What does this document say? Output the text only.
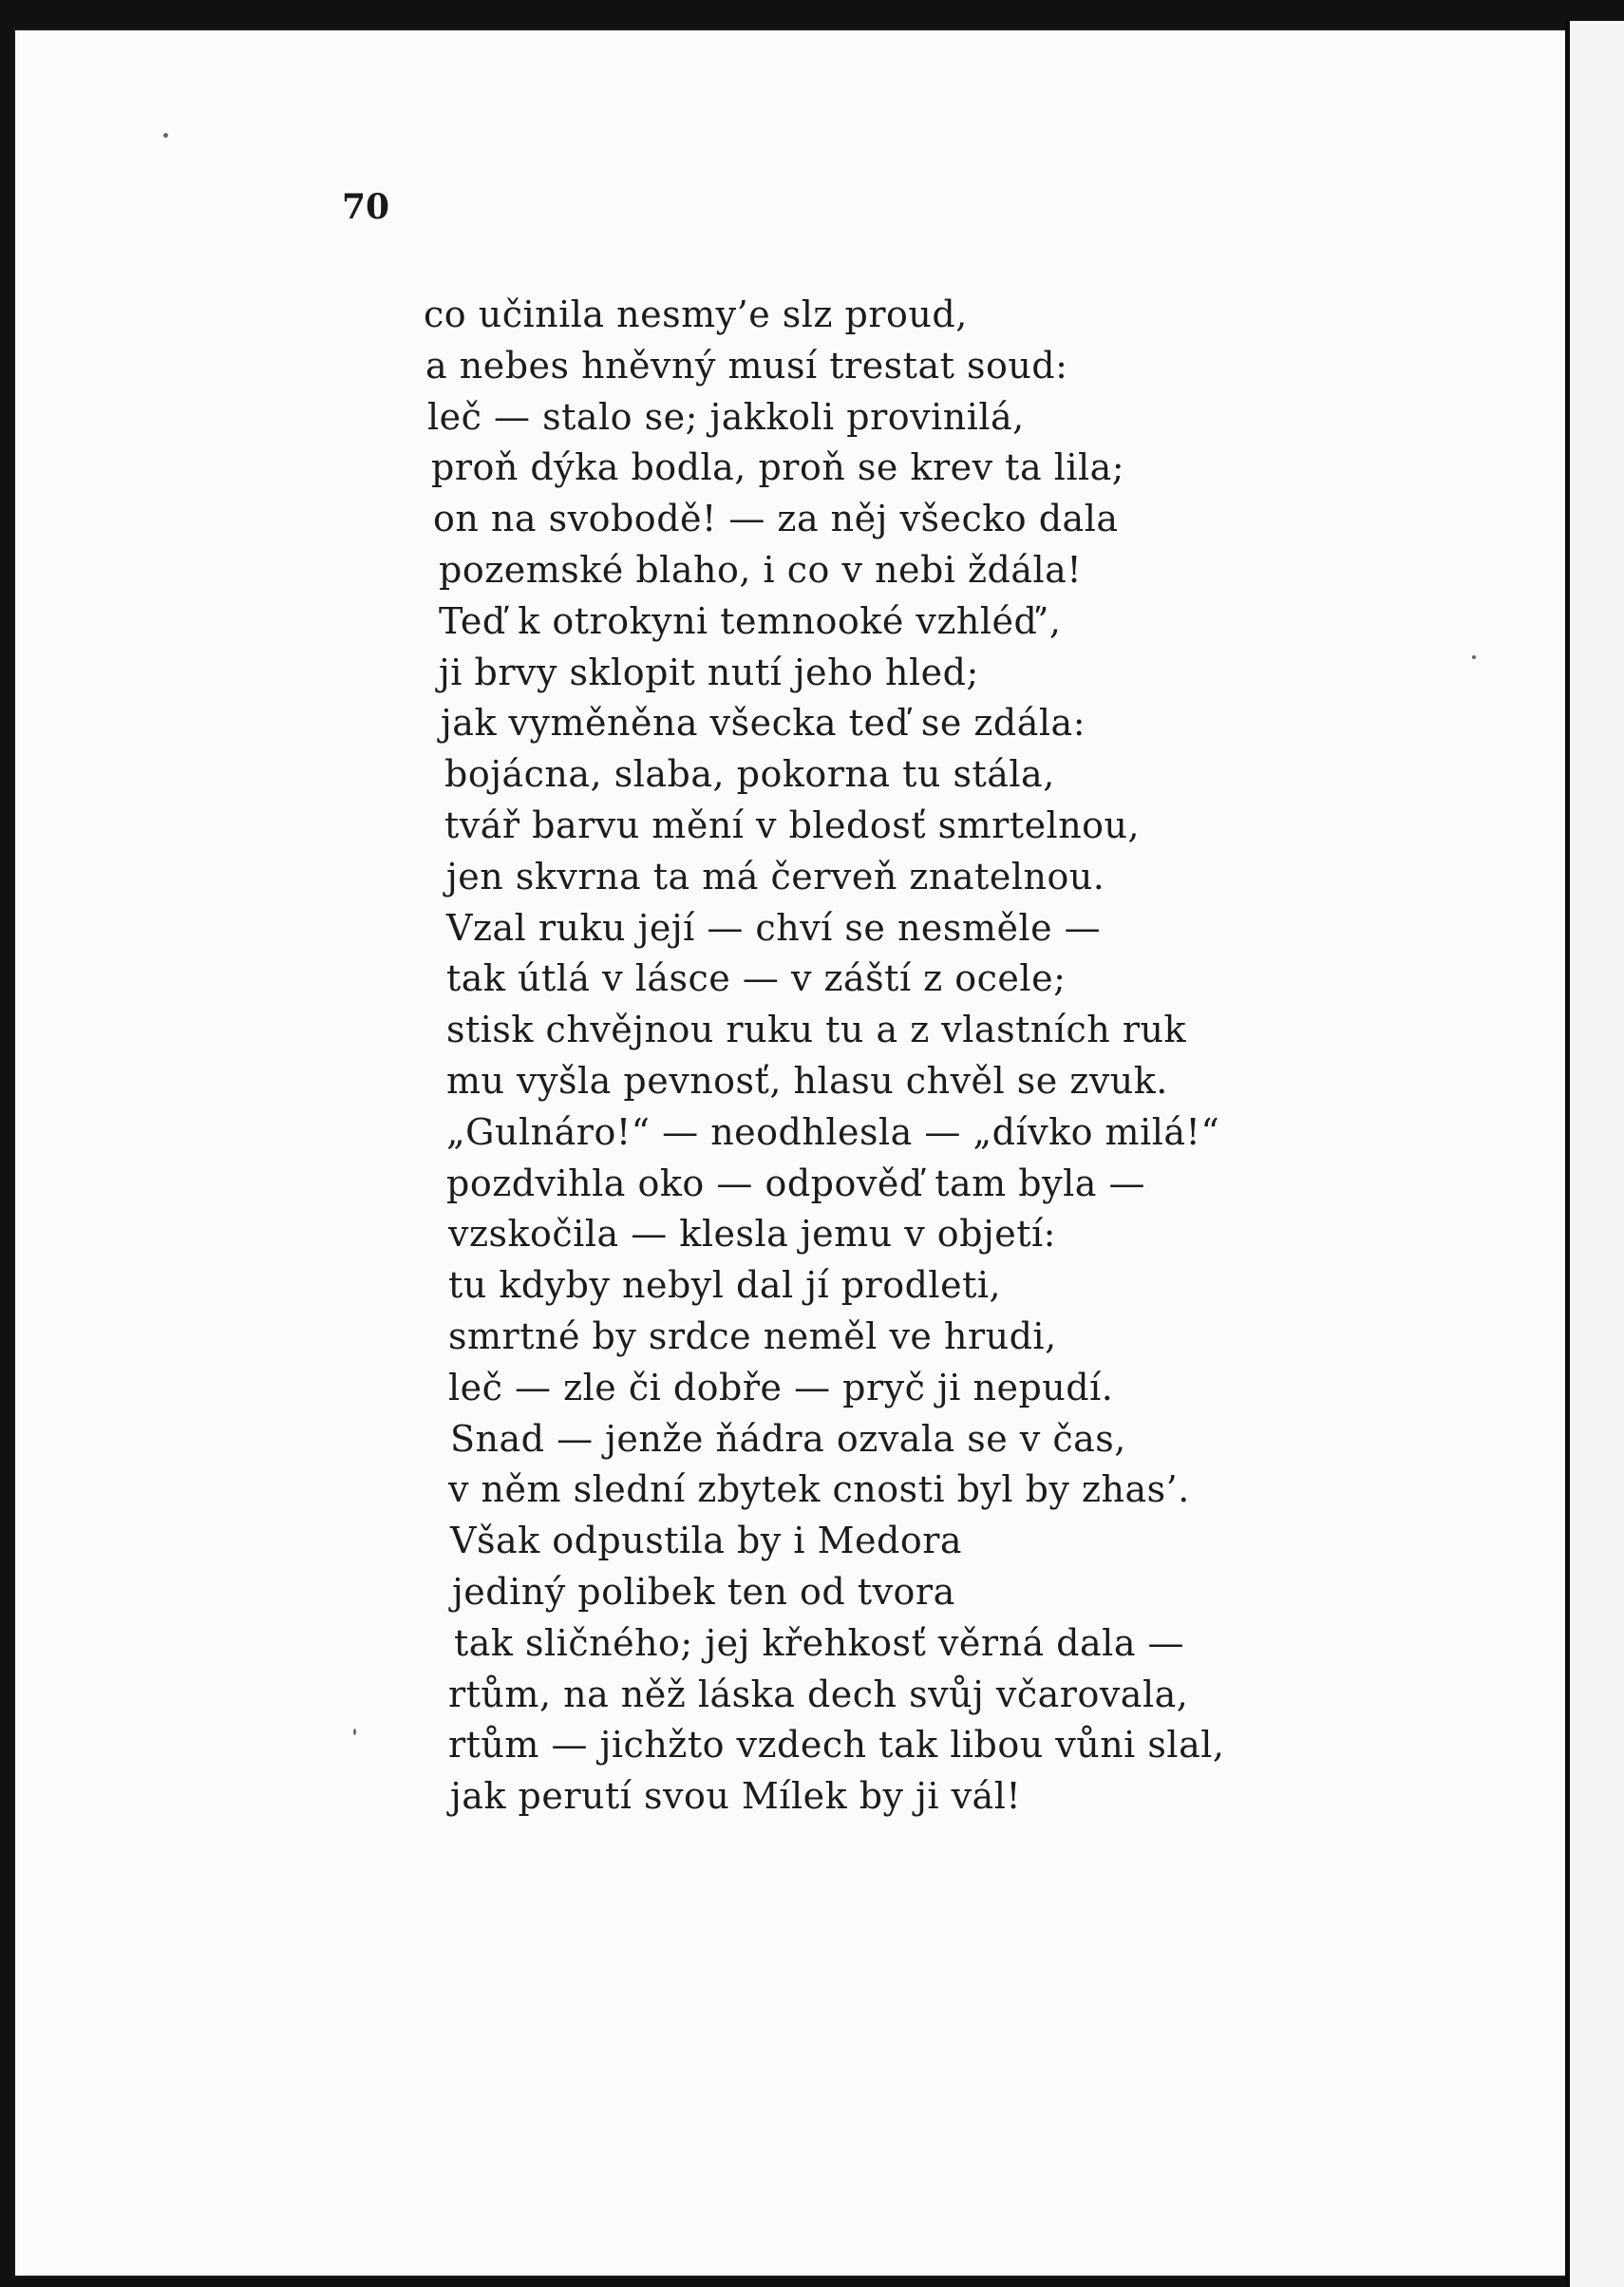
70

co učinila nesmy’e slz proud,
a nebes hněvný musí trestat soud:
leč — stalo se; jakkoli provinilá,
proň dýka bodla, proň se krev ta lila;
on na svobodě! — za něj všecko dala
pozemské blaho, i co v nebi ždála!
Teď k otrokyni temnooké vzhléď’,
ji brvy sklopit nutí jeho hled;
jak vyměněna všecka teď se zdála:
bojácna, slaba, pokorna tu stála,
tvář barvu mění v bledosť smrtelnou,
jen skvrna ta má červeň znatelnou.
Vzal ruku její — chví se nesměle —
tak útlá v lásce — v záští z ocele;
stisk chvějnou ruku tu a z vlastních ruk
mu vyšla pevnosť, hlasu chvěl se zvuk.
„Gulnáro!“ — neodhlesla — „dívko milá!“
pozdvihla oko — odpověď tam byla —
vzskočila — klesla jemu v objetí:
tu kdyby nebyl dal jí prodleti,
smrtné by srdce neměl ve hrudi,
leč — zle či dobře — pryč ji nepudí.
Snad — jenže ňádra ozvala se v čas,
v něm slední zbytek cnosti byl by zhas’.
Však odpustila by i Medora
jediný polibek ten od tvora
tak sličného; jej křehkosť věrná dala —
rtům, na něž láska dech svůj včarovala,
rtům — jichžto vzdech tak libou vůni slal,
jak perutí svou Mílek by ji vál!
